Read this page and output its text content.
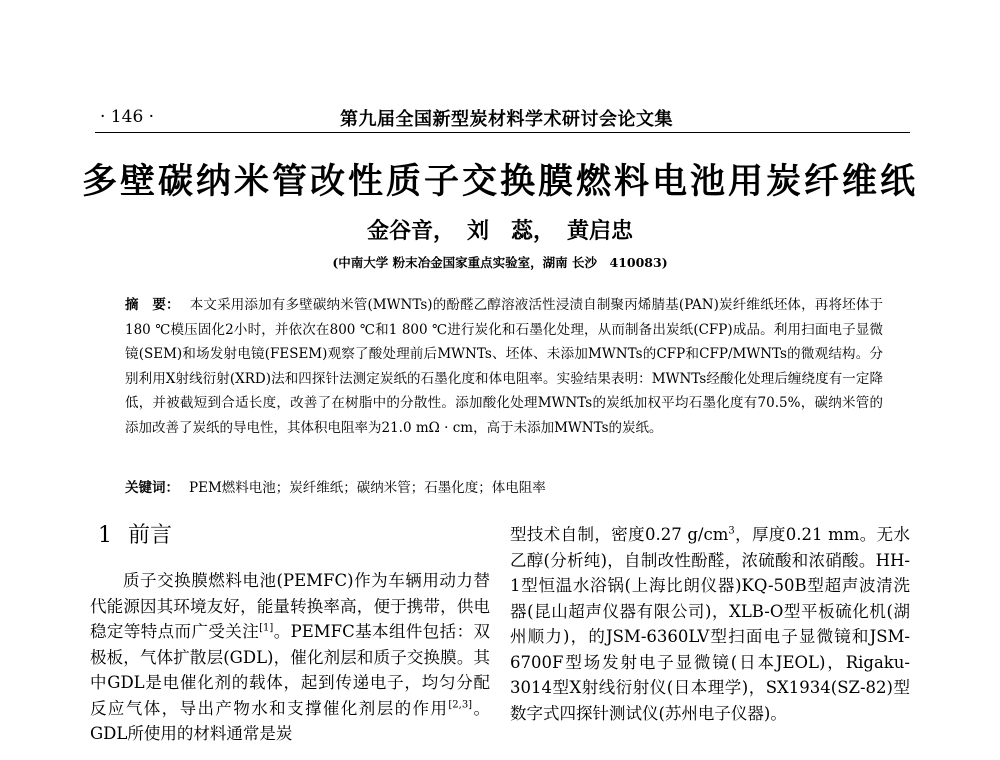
· 146 ·	第九届全国新型炭材料学术研讨会论文集
多壁碳纳米管改性质子交换膜燃料电池用炭纤维纸
金谷音， 刘　蕊， 黄启忠
(中南大学 粉末冶金国家重点实验室，湖南 长沙　410083)
摘　要： 本文采用添加有多壁碳纳米管(MWNTs)的酚醛乙醇溶液活性浸渍自制聚丙烯腈基(PAN)炭纤维纸坯体，再将坯体于180 ℃模压固化2小时，并依次在800 ℃和1 800 ℃进行炭化和石墨化处理，从而制备出炭纸(CFP)成品。利用扫面电子显微镜(SEM)和场发射电镜(FESEM)观察了酸处理前后MWNTs、坯体、未添加MWNTs的CFP和CFP/MWNTs的微观结构。分别利用X射线衍射(XRD)法和四探针法测定炭纸的石墨化度和体电阻率。实验结果表明：MWNTs经酸化处理后缠绕度有一定降低，并被截短到合适长度，改善了在树脂中的分散性。添加酸化处理MWNTs的炭纸加权平均石墨化度有70.5%，碳纳米管的添加改善了炭纸的导电性，其体积电阻率为21.0 mΩ · cm，高于未添加MWNTs的炭纸。
关键词： PEM燃料电池；炭纤维纸；碳纳米管；石墨化度；体电阻率
1 前言

质子交换膜燃料电池(PEMFC)作为车辆用动力替代能源因其环境友好，能量转换率高，便于携带，供电稳定等特点而广受关注[1]。PEMFC基本组件包括：双极板，气体扩散层(GDL)，催化剂层和质子交换膜。其中GDL是电催化剂的载体，起到传递电子，均匀分配反应气体，导出产物水和支撑催化剂层的作用[2,3]。GDL所使用的材料通常是炭

型技术自制，密度0.27 $g/cm^3$，厚度0.21 mm。无水乙醇(分析纯)，自制改性酚醛，浓硫酸和浓硝酸。HH-1型恒温水浴锅(上海比朗仪器)KQ-50B型超声波清洗器(昆山超声仪器有限公司)，XLB-O型平板硫化机(湖州顺力)，的JSM-6360LV型扫面电子显微镜和JSM-6700F型场发射电子显微镜(日本JEOL)，Rigaku-3014型X射线衍射仪(日本理学)，SX1934(SZ-82)型数字式四探针测试仪(苏州电子仪器)。
